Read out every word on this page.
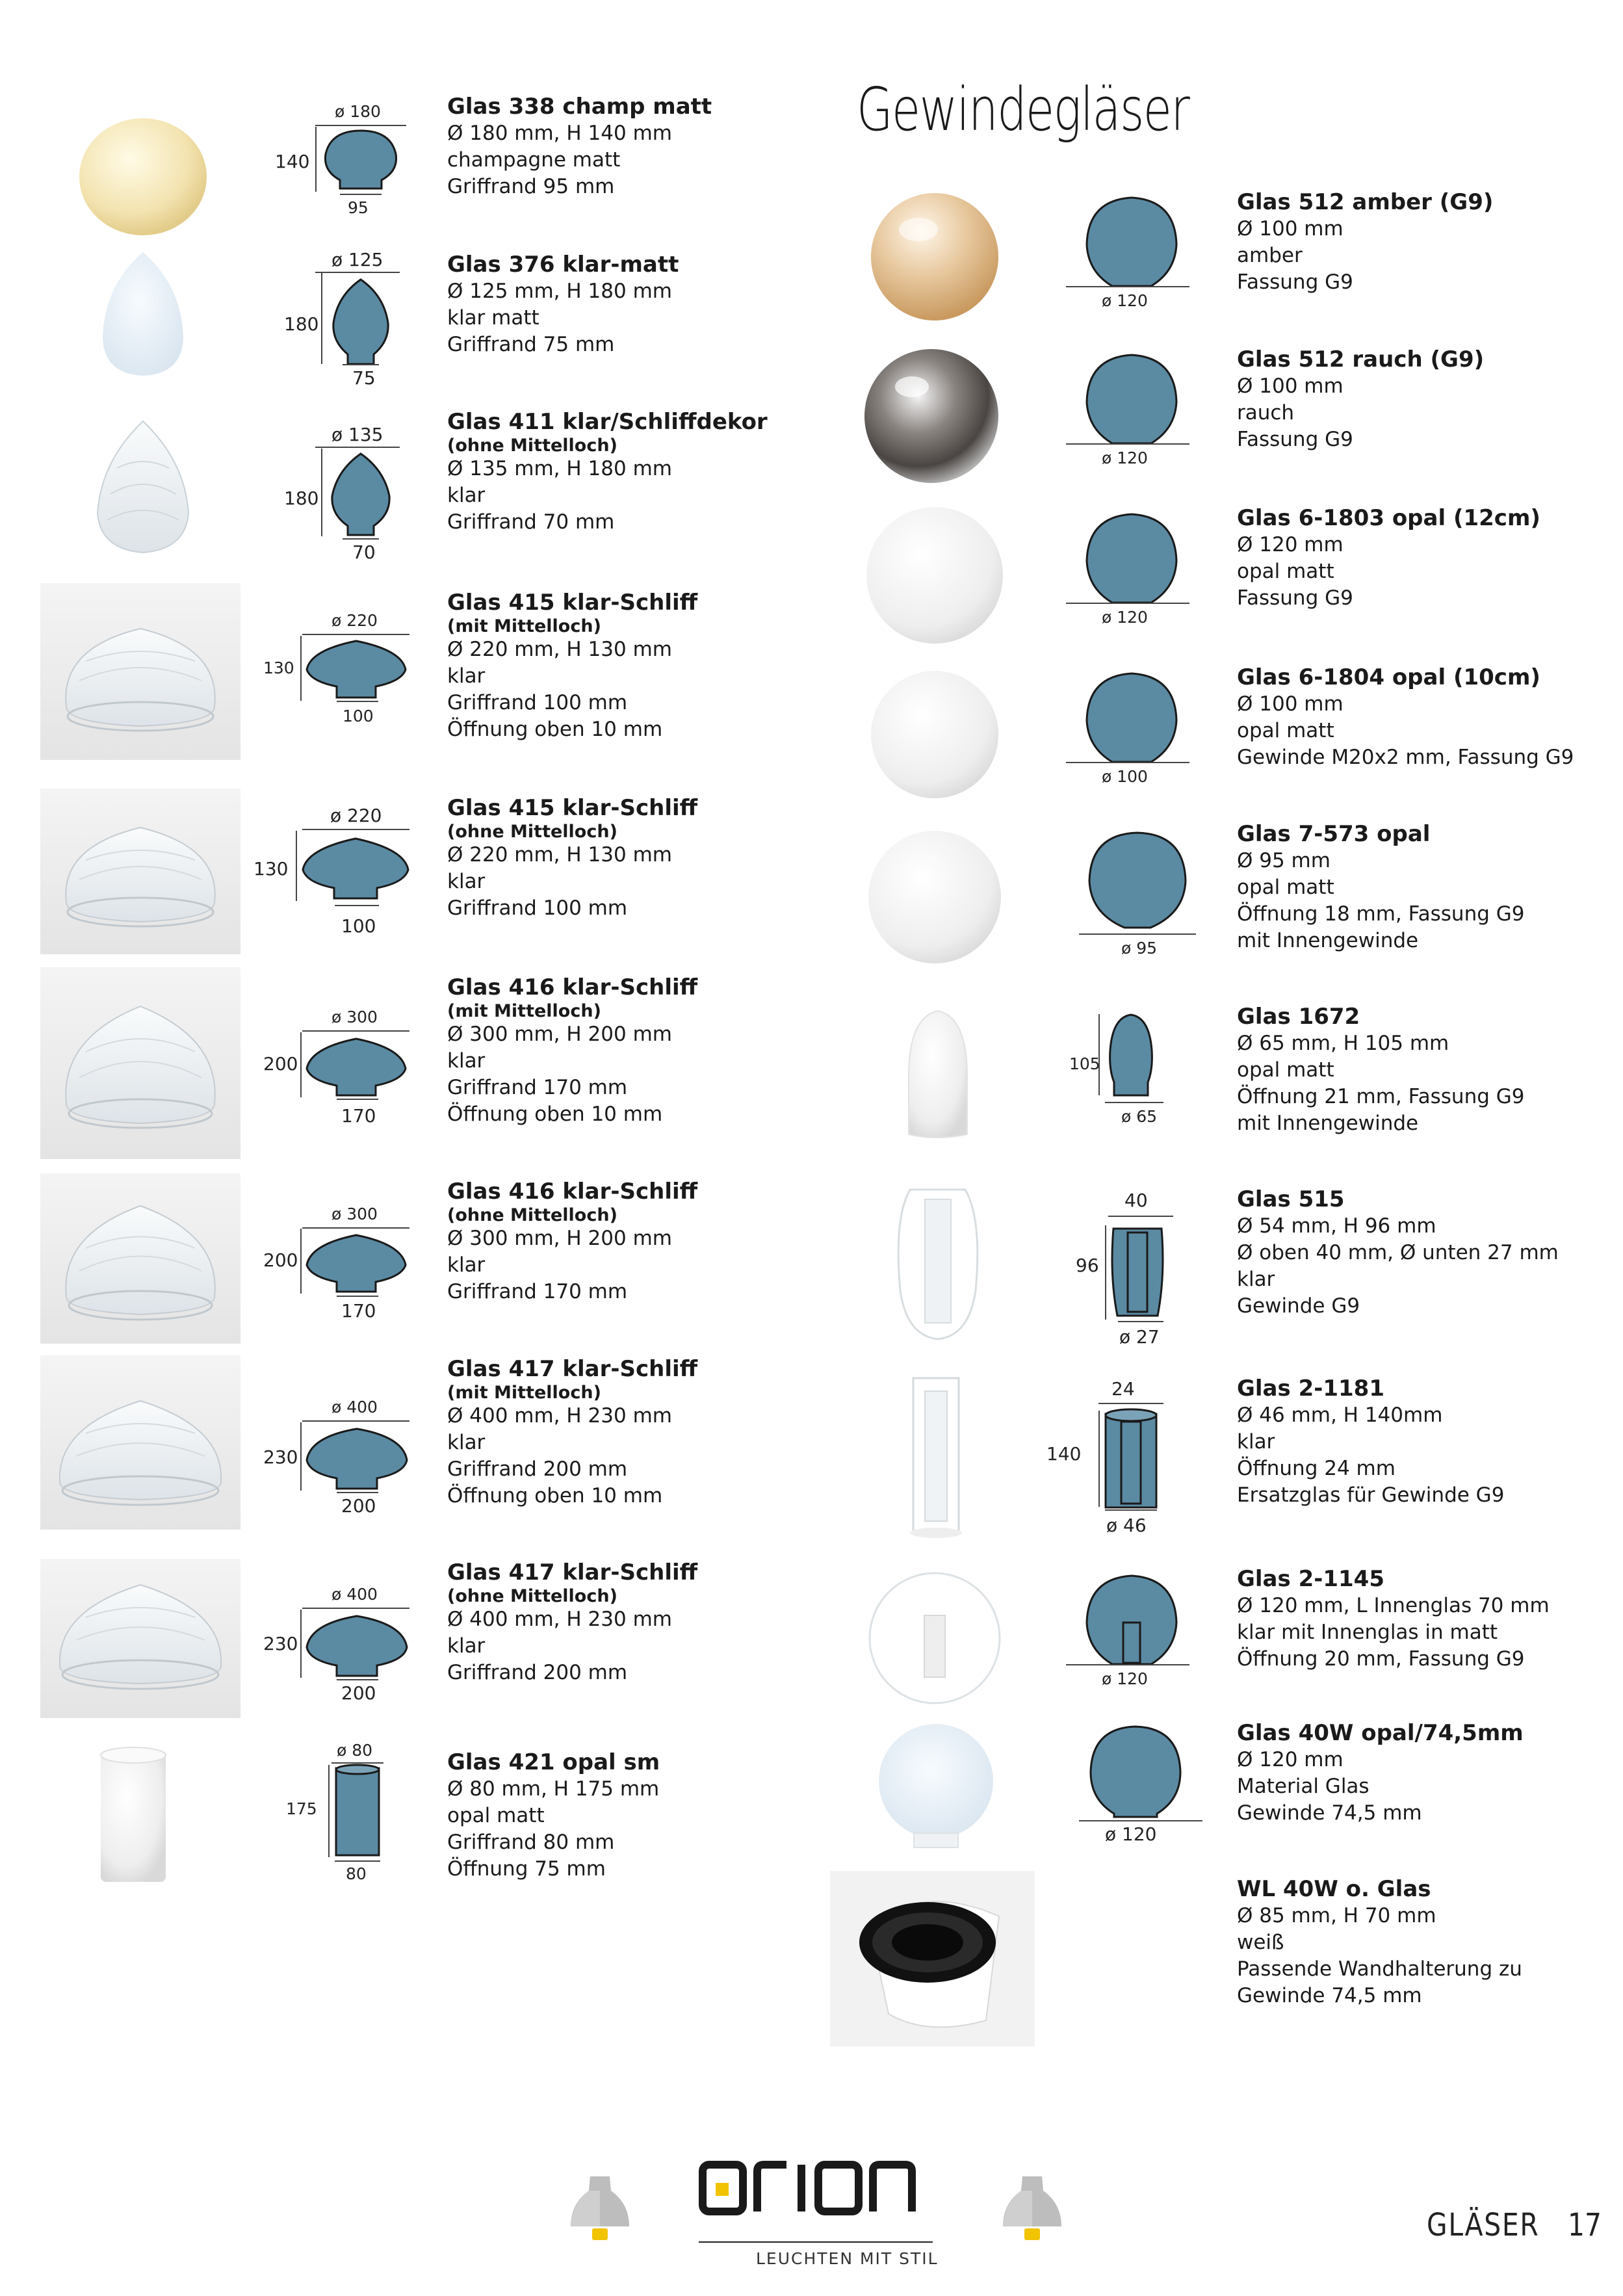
ø 180
140
95
Glas 338 champ matt
Ø 180 mm, H 140 mm
champagne matt
Griffrand 95 mm
ø 125
180
75
Glas 376 klar-matt
Ø 125 mm, H 180 mm
klar matt
Griffrand 75 mm
ø 135
180
70
Glas 411 klar/Schliffdekor
(ohne Mittelloch)
Ø 135 mm, H 180 mm
klar
Griffrand 70 mm
ø 220
130
100
Glas 415 klar-Schliff
(mit Mittelloch)
Ø 220 mm, H 130 mm
klar
Griffrand 100 mm
Öffnung oben 10 mm
ø 220
130
100
Glas 415 klar-Schliff
(ohne Mittelloch)
Ø 220 mm, H 130 mm
klar
Griffrand 100 mm
ø 300
200
170
Glas 416 klar-Schliff
(mit Mittelloch)
Ø 300 mm, H 200 mm
klar
Griffrand 170 mm
Öffnung oben 10 mm
ø 300
200
170
Glas 416 klar-Schliff
(ohne Mittelloch)
Ø 300 mm, H 200 mm
klar
Griffrand 170 mm
ø 400
230
200
Glas 417 klar-Schliff
(mit Mittelloch)
Ø 400 mm, H 230 mm
klar
Griffrand 200 mm
Öffnung oben 10 mm
ø 400
230
200
Glas 417 klar-Schliff
(ohne Mittelloch)
Ø 400 mm, H 230 mm
klar
Griffrand 200 mm
ø 80
175
80
Glas 421 opal sm
Ø 80 mm, H 175 mm
opal matt
Griffrand 80 mm
Öffnung 75 mm
Gewindegläser
ø 120
Glas 512 amber (G9)
Ø 100 mm
amber
Fassung G9
ø 120
Glas 512 rauch (G9)
Ø 100 mm
rauch
Fassung G9
ø 120
Glas 6-1803 opal (12cm)
Ø 120 mm
opal matt
Fassung G9
ø 100
Glas 6-1804 opal (10cm)
Ø 100 mm
opal matt
Gewinde M20x2 mm, Fassung G9
ø 95
Glas 7-573 opal
Ø 95 mm
opal matt
Öffnung 18 mm, Fassung G9
mit Innengewinde
105
ø 65
Glas 1672
Ø 65 mm, H 105 mm
opal matt
Öffnung 21 mm, Fassung G9
mit Innengewinde
40
96
ø 27
Glas 515
Ø 54 mm, H 96 mm
Ø oben 40 mm, Ø unten 27 mm
klar
Gewinde G9
24
140
ø 46
Glas 2-1181
Ø 46 mm, H 140mm
klar
Öffnung 24 mm
Ersatzglas für Gewinde G9
ø 120
Glas 2-1145
Ø 120 mm, L Innenglas 70 mm
klar mit Innenglas in matt
Öffnung 20 mm, Fassung G9
ø 120
Glas 40W opal/74,5mm
Ø 120 mm
Material Glas
Gewinde 74,5 mm
WL 40W o. Glas
Ø 85 mm, H 70 mm
weiß
Passende Wandhalterung zu
Gewinde 74,5 mm
LEUCHTEN MIT STIL
GLÄSER 17
